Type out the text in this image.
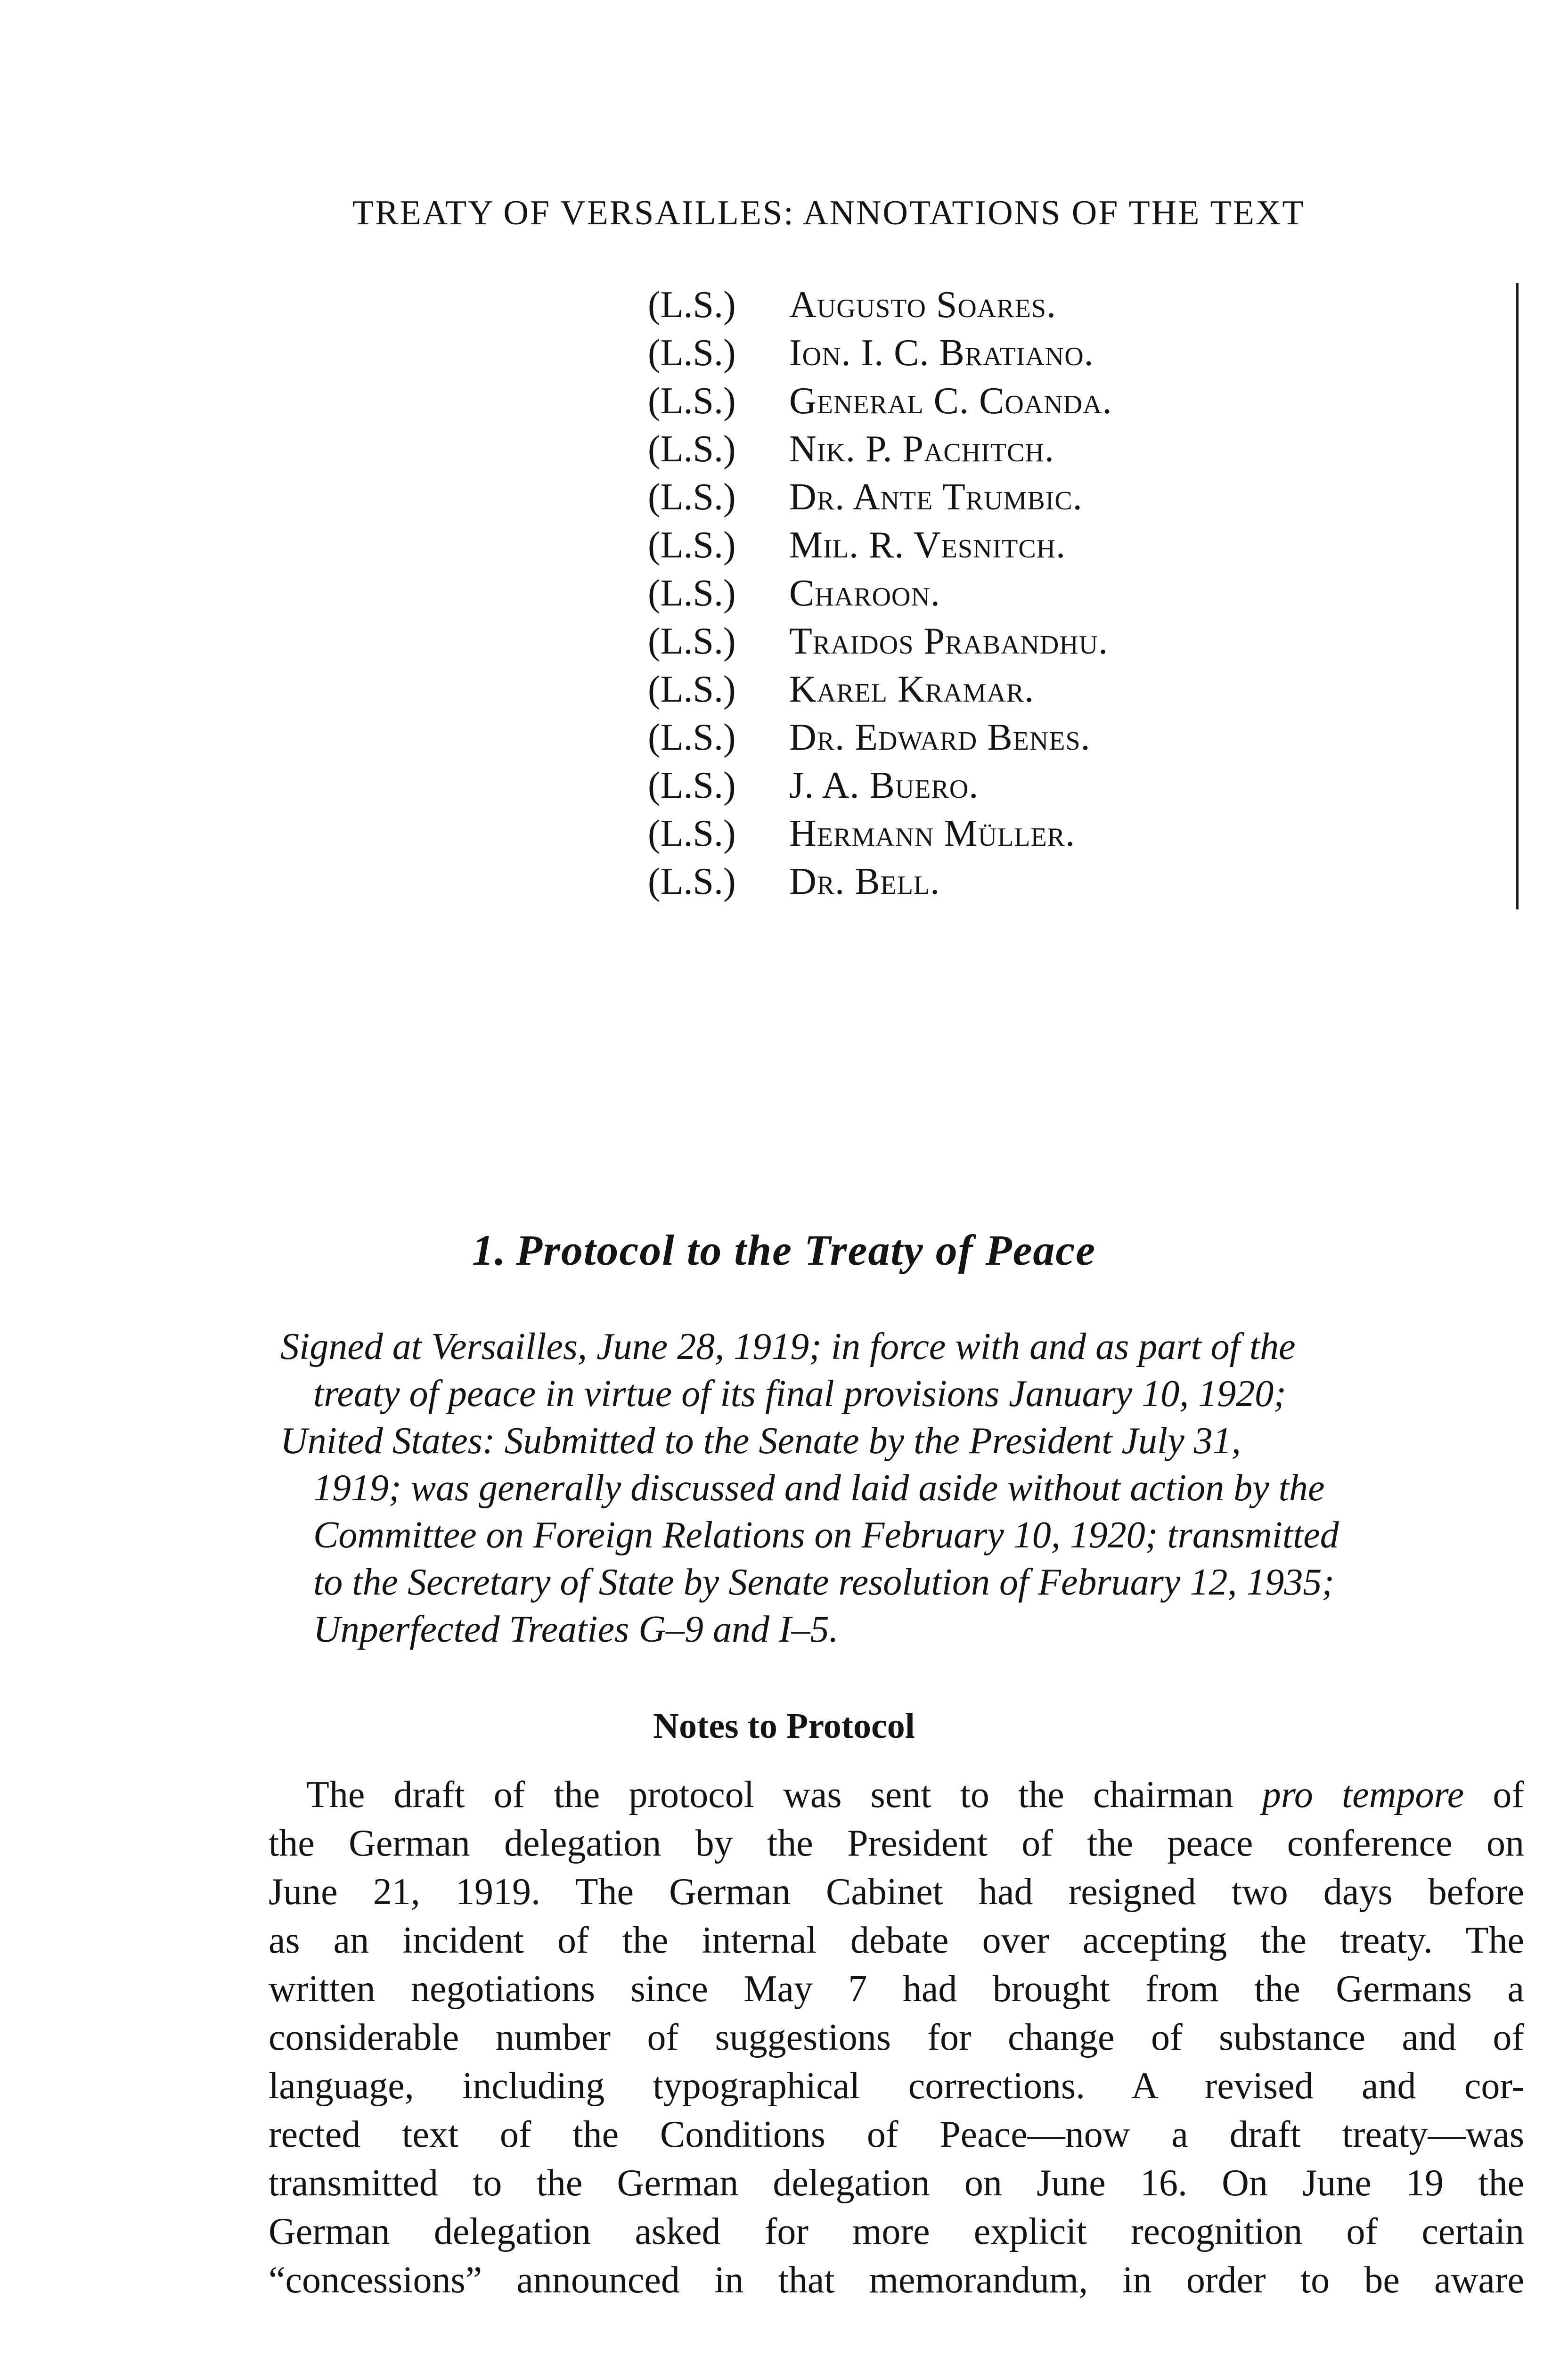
TREATY OF VERSAILLES: ANNOTATIONS OF THE TEXT
(L.S.) Augusto Soares.
(L.S.) Ion. I. C. Bratiano.
(L.S.) General C. Coanda.
(L.S.) Nik. P. Pachitch.
(L.S.) Dr. Ante Trumbic.
(L.S.) Mil. R. Vesnitch.
(L.S.) Charoon.
(L.S.) Traidos Prabandhu.
(L.S.) Karel Kramar.
(L.S.) Dr. Edward Benes.
(L.S.) J. A. Buero.
(L.S.) Hermann Müller.
(L.S.) Dr. Bell.
1. Protocol to the Treaty of Peace
Signed at Versailles, June 28, 1919; in force with and as part of the
treaty of peace in virtue of its final provisions January 10, 1920;
United States: Submitted to the Senate by the President July 31,
1919; was generally discussed and laid aside without action by the
Committee on Foreign Relations on February 10, 1920; transmitted
to the Secretary of State by Senate resolution of February 12, 1935;
Unperfected Treaties G–9 and I–5.
Notes to Protocol
The draft of the protocol was sent to the chairman pro tempore of
the German delegation by the President of the peace conference on
June 21, 1919. The German Cabinet had resigned two days before
as an incident of the internal debate over accepting the treaty. The
written negotiations since May 7 had brought from the Germans a
considerable number of suggestions for change of substance and of
language, including typographical corrections. A revised and cor-
rected text of the Conditions of Peace—now a draft treaty—was
transmitted to the German delegation on June 16. On June 19 the
German delegation asked for more explicit recognition of certain
“concessions” announced in that memorandum, in order to be aware
